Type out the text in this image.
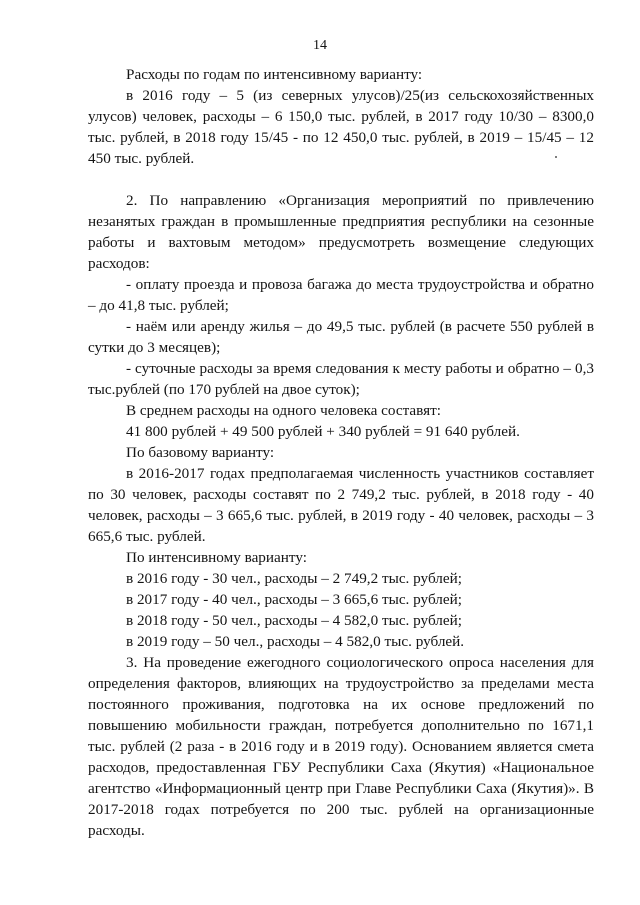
14

Расходы по годам по интенсивному варианту:

в 2016 году – 5 (из северных улусов)/25(из сельскохозяйственных улусов) человек, расходы – 6 150,0 тыс. рублей, в 2017 году 10/30 – 8300,0 тыс. рублей, в 2018 году 15/45 - по 12 450,0 тыс. рублей, в 2019 – 15/45 – 12 450 тыс. рублей.

2. По направлению «Организация мероприятий по привлечению незанятых граждан в промышленные предприятия республики на сезонные работы и вахтовым методом» предусмотреть возмещение следующих расходов:

- оплату проезда и провоза багажа до места трудоустройства и обратно – до 41,8 тыс. рублей;

- наём или аренду жилья – до 49,5 тыс. рублей (в расчете 550 рублей в сутки до 3 месяцев);

- суточные расходы за время следования к месту работы и обратно – 0,3 тыс.рублей (по 170 рублей на двое суток);

В среднем расходы на одного человека составят:

41 800 рублей + 49 500 рублей + 340 рублей = 91 640 рублей.

По базовому варианту:

в 2016-2017 годах предполагаемая численность участников составляет по 30 человек, расходы составят по 2 749,2 тыс. рублей, в 2018 году - 40 человек, расходы – 3 665,6 тыс. рублей, в 2019 году - 40 человек, расходы – 3 665,6 тыс. рублей.

По интенсивному варианту:

в 2016 году - 30 чел., расходы – 2 749,2 тыс. рублей;

в 2017 году - 40 чел., расходы – 3 665,6 тыс. рублей;

в 2018 году - 50 чел., расходы – 4 582,0 тыс. рублей;

в 2019 году – 50 чел., расходы – 4 582,0 тыс. рублей.

3. На проведение ежегодного социологического опроса населения для определения факторов, влияющих на трудоустройство за пределами места постоянного проживания, подготовка на их основе предложений по повышению мобильности граждан, потребуется дополнительно по 1671,1 тыс. рублей (2 раза - в 2016 году и в 2019 году). Основанием является смета расходов, предоставленная ГБУ Республики Саха (Якутия) «Национальное агентство «Информационный центр при Главе Республики Саха (Якутия)». В 2017-2018 годах потребуется по 200 тыс. рублей на организационные расходы.
